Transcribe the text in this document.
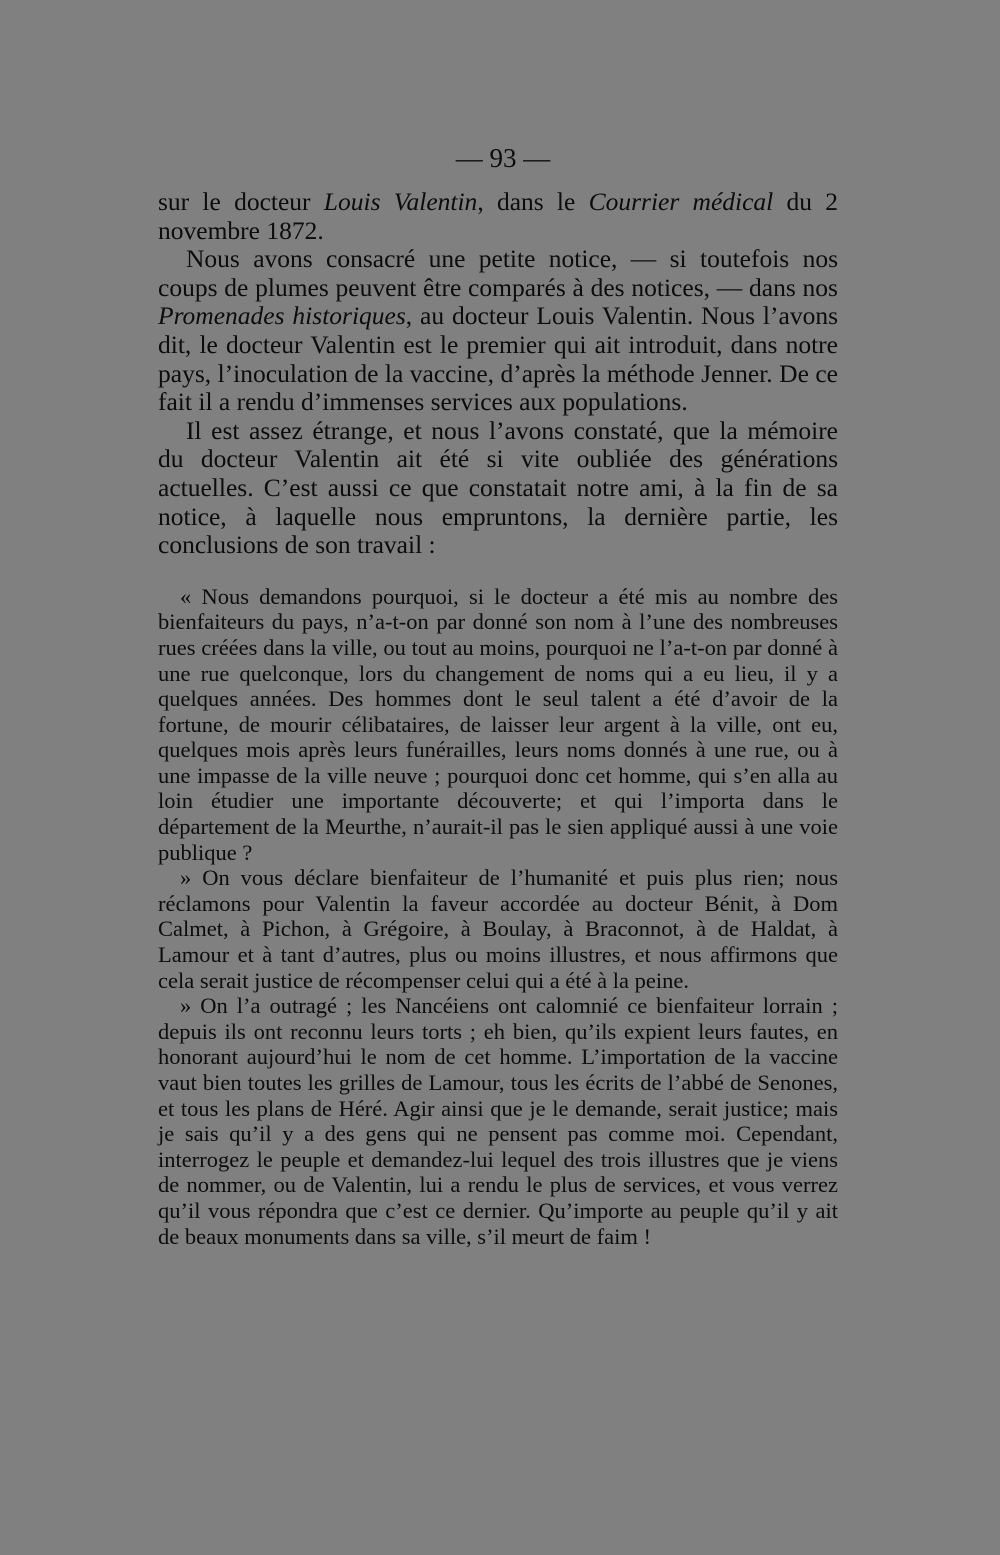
— 93 —

sur le docteur Louis Valentin, dans le Courrier médical du 2 novembre 1872.

Nous avons consacré une petite notice, — si toutefois nos coups de plumes peuvent être comparés à des notices, — dans nos Promenades historiques, au docteur Louis Valentin. Nous l’avons dit, le docteur Valentin est le premier qui ait introduit, dans notre pays, l’inoculation de la vaccine, d’après la méthode Jenner. De ce fait il a rendu d’immenses services aux populations.

Il est assez étrange, et nous l’avons constaté, que la mémoire du docteur Valentin ait été si vite oubliée des générations actuelles. C’est aussi ce que constatait notre ami, à la fin de sa notice, à laquelle nous empruntons, la dernière partie, les conclusions de son travail :

« Nous demandons pourquoi, si le docteur a été mis au nombre des bienfaiteurs du pays, n’a-t-on par donné son nom à l’une des nombreuses rues créées dans la ville, ou tout au moins, pourquoi ne l’a-t-on par donné à une rue quelconque, lors du changement de noms qui a eu lieu, il y a quelques années. Des hommes dont le seul talent a été d’avoir de la fortune, de mourir célibataires, de laisser leur argent à la ville, ont eu, quelques mois après leurs funérailles, leurs noms donnés à une rue, ou à une impasse de la ville neuve ; pourquoi donc cet homme, qui s’en alla au loin étudier une importante découverte; et qui l’importa dans le département de la Meurthe, n’aurait-il pas le sien appliqué aussi à une voie publique ?

» On vous déclare bienfaiteur de l’humanité et puis plus rien; nous réclamons pour Valentin la faveur accordée au docteur Bénit, à Dom Calmet, à Pichon, à Grégoire, à Boulay, à Braconnot, à de Haldat, à Lamour et à tant d’autres, plus ou moins illustres, et nous affirmons que cela serait justice de récompenser celui qui a été à la peine.

» On l’a outragé ; les Nancéiens ont calomnié ce bienfaiteur lorrain ; depuis ils ont reconnu leurs torts ; eh bien, qu’ils expient leurs fautes, en honorant aujourd’hui le nom de cet homme. L’importation de la vaccine vaut bien toutes les grilles de Lamour, tous les écrits de l’abbé de Senones, et tous les plans de Héré. Agir ainsi que je le demande, serait justice; mais je sais qu’il y a des gens qui ne pensent pas comme moi. Cependant, interrogez le peuple et demandez-lui lequel des trois illustres que je viens de nommer, ou de Valentin, lui a rendu le plus de services, et vous verrez qu’il vous répondra que c’est ce dernier. Qu’importe au peuple qu’il y ait de beaux monuments dans sa ville, s’il meurt de faim !
